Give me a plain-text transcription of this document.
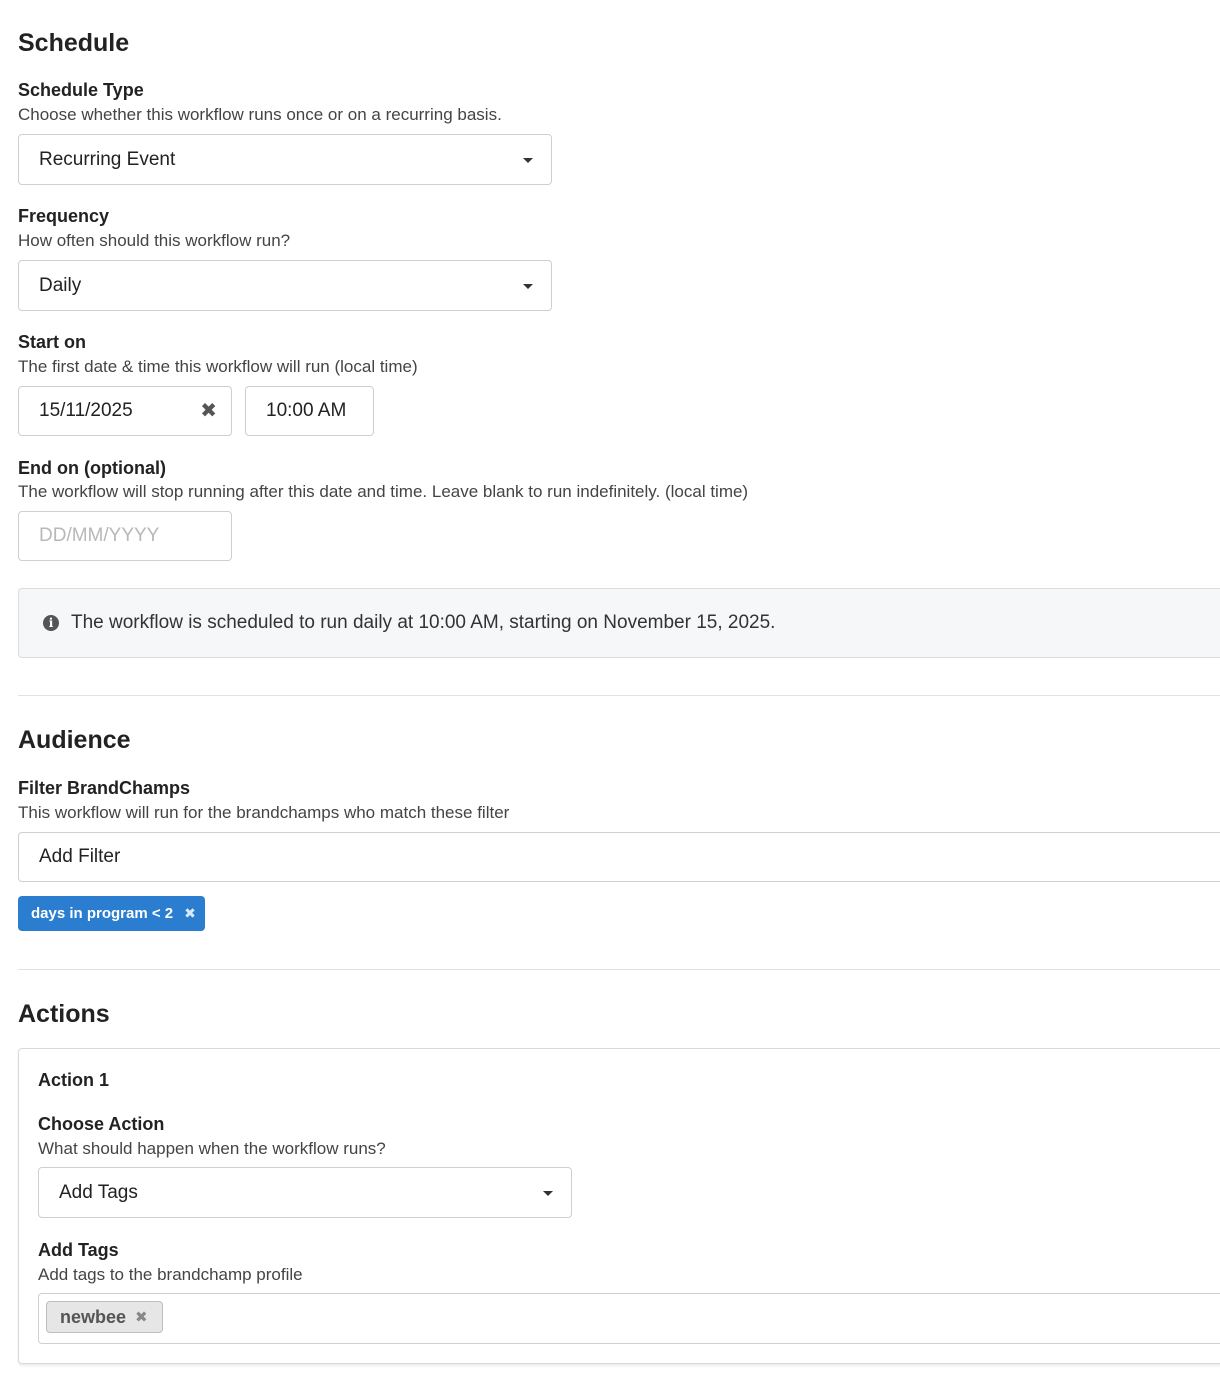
Schedule
Schedule Type
Choose whether this workflow runs once or on a recurring basis.
Recurring Event
Frequency
How often should this workflow run?
Daily
Start on
The first date & time this workflow will run (local time)
15/11/2025	✖	10:00 AM
End on (optional)
The workflow will stop running after this date and time. Leave blank to run indefinitely. (local time)
DD/MM/YYYY
i The workflow is scheduled to run daily at 10:00 AM, starting on November 15, 2025.
Audience
Filter BrandChamps
This workflow will run for the brandchamps who match these filter
Add Filter
days in program < 2 ✖
Actions
Action 1
Choose Action
What should happen when the workflow runs?
Add Tags
Add Tags
Add tags to the brandchamp profile
newbee ✖
